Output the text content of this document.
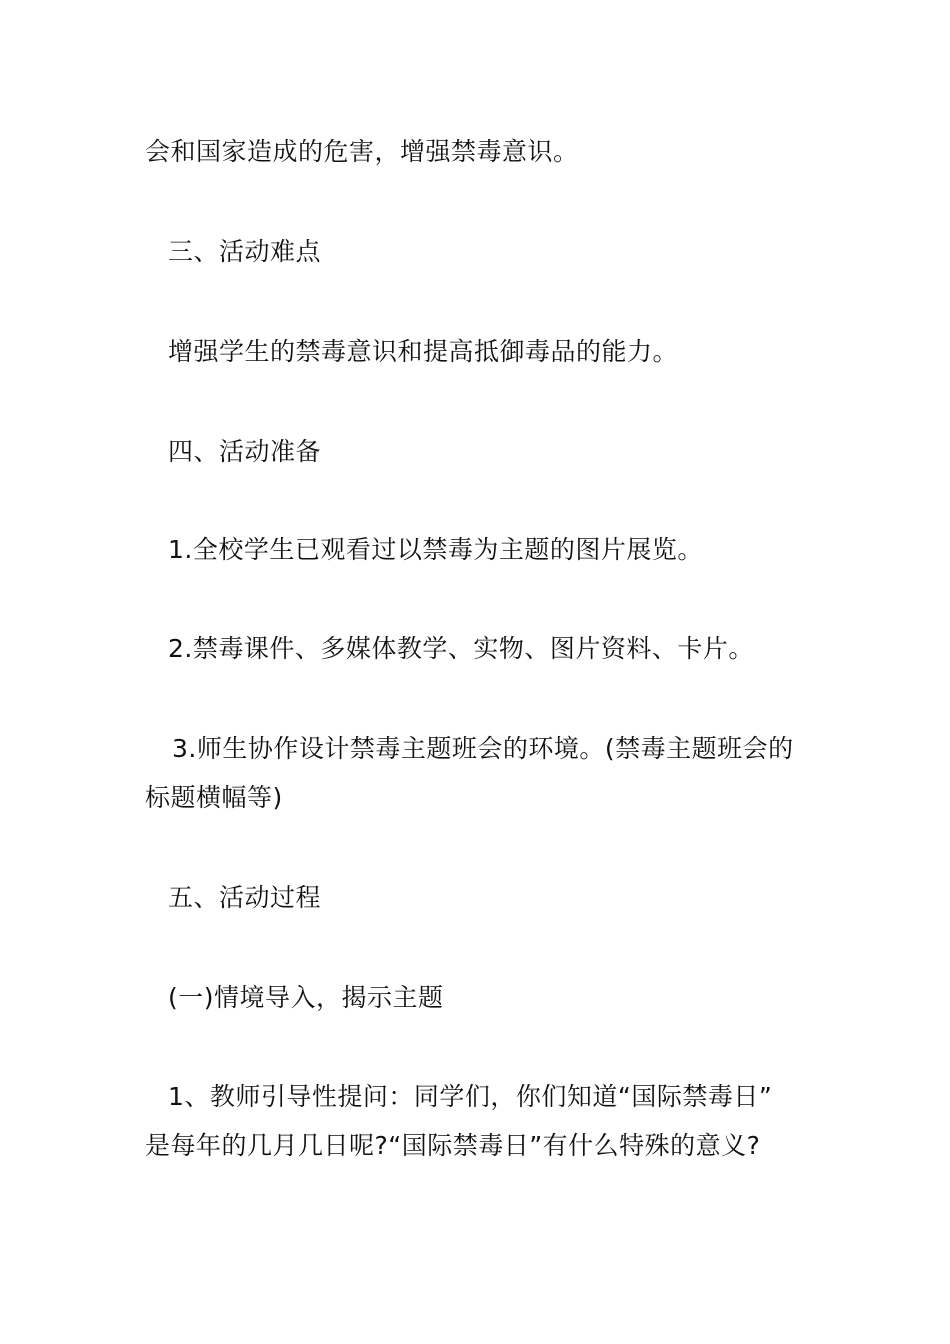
会和国家造成的危害，增强禁毒意识。
三、活动难点
增强学生的禁毒意识和提高抵御毒品的能力。
四、活动准备
1.全校学生已观看过以禁毒为主题的图片展览。
2.禁毒课件、多媒体教学、实物、图片资料、卡片。
3.师生协作设计禁毒主题班会的环境。(禁毒主题班会的
标题横幅等)
五、活动过程
(一)情境导入，揭示主题
1、教师引导性提问：同学们，你们知道“国际禁毒日”
是每年的几月几日呢?“国际禁毒日”有什么特殊的意义?
